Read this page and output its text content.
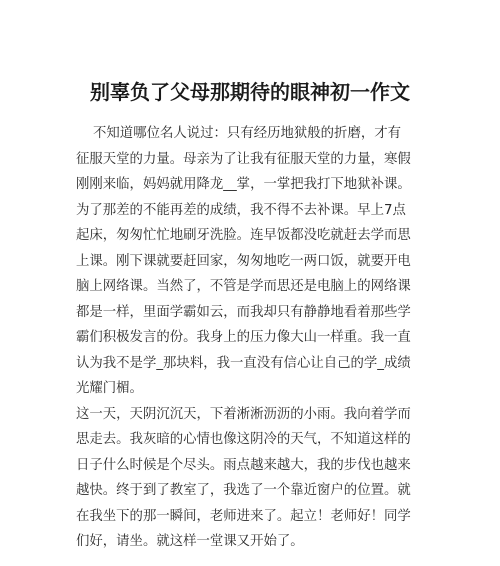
别辜负了父母那期待的眼神初一作文
不知道哪位名人说过：只有经历地狱般的折磨，才有
征服天堂的力量。母亲为了让我有征服天堂的力量，寒假
刚刚来临，妈妈就用降龙__掌，一掌把我打下地狱补课。
为了那差的不能再差的成绩，我不得不去补课。早上7点
起床，匆匆忙忙地刷牙洗脸。连早饭都没吃就赶去学而思
上课。刚下课就要赶回家，匆匆地吃一两口饭，就要开电
脑上网络课。当然了，不管是学而思还是电脑上的网络课
都是一样，里面学霸如云，而我却只有静静地看着那些学
霸们积极发言的份。我身上的压力像大山一样重。我一直
认为我不是学_那块料，我一直没有信心让自己的学_成绩
光耀门楣。
这一天，天阴沉沉天，下着淅淅沥沥的小雨。我向着学而
思走去。我灰暗的心情也像这阴冷的天气，不知道这样的
日子什么时候是个尽头。雨点越来越大，我的步伐也越来
越快。终于到了教室了，我选了一个靠近窗户的位置。就
在我坐下的那一瞬间，老师进来了。起立！老师好！同学
们好，请坐。就这样一堂课又开始了。
